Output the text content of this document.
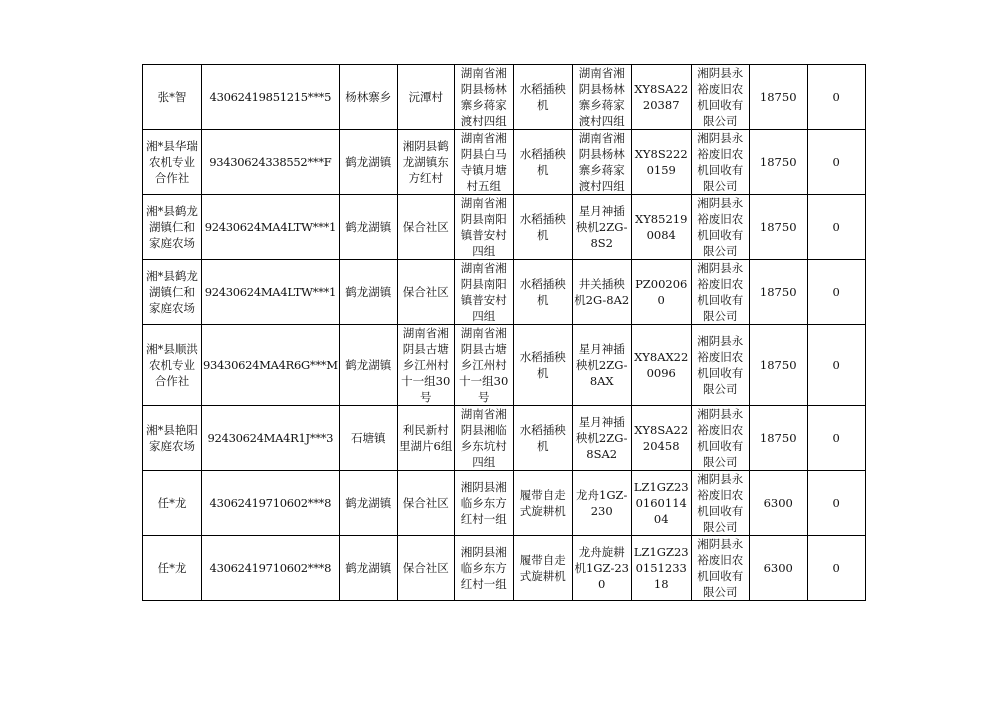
张*智	43062419851215***5	杨林寨乡	沅潭村	湖南省湘阴县杨林寨乡蒋家渡村四组	水稻插秧机	湖南省湘阴县杨林寨乡蒋家渡村四组	XY8SA2220387	湘阴县永裕废旧农机回收有限公司	18750	0
湘*县华瑞农机专业合作社	93430624338552***F	鹤龙湖镇	湘阴县鹤龙湖镇东方红村	湖南省湘阴县白马寺镇月塘村五组	水稻插秧机	湖南省湘阴县杨林寨乡蒋家渡村四组	XY8S2220159	湘阴县永裕废旧农机回收有限公司	18750	0
湘*县鹤龙湖镇仁和家庭农场	92430624MA4LTW***1	鹤龙湖镇	保合社区	湖南省湘阴县南阳镇普安村四组	水稻插秧机	星月神插秧机2ZG-8S2	XY852190084	湘阴县永裕废旧农机回收有限公司	18750	0
湘*县鹤龙湖镇仁和家庭农场	92430624MA4LTW***1	鹤龙湖镇	保合社区	湖南省湘阴县南阳镇普安村四组	水稻插秧机	井关插秧机2G-8A2	PZ002060	湘阴县永裕废旧农机回收有限公司	18750	0
湘*县顺洪农机专业合作社	93430624MA4R6G***M	鹤龙湖镇	湖南省湘阴县古塘乡江州村十一组30号	湖南省湘阴县古塘乡江州村十一组30号	水稻插秧机	星月神插秧机2ZG-8AX	XY8AX220096	湘阴县永裕废旧农机回收有限公司	18750	0
湘*县艳阳家庭农场	92430624MA4R1J***3	石塘镇	利民新村里湖片6组	湖南省湘阴县湘临乡东坑村四组	水稻插秧机	星月神插秧机2ZG-8SA2	XY8SA2220458	湘阴县永裕废旧农机回收有限公司	18750	0
任*龙	43062419710602***8	鹤龙湖镇	保合社区	湘阴县湘临乡东方红村一组	履带自走式旋耕机	龙舟1GZ-230	LZ1GZ23016011404	湘阴县永裕废旧农机回收有限公司	6300	0
任*龙	43062419710602***8	鹤龙湖镇	保合社区	湘阴县湘临乡东方红村一组	履带自走式旋耕机	龙舟旋耕机1GZ-230	LZ1GZ23015123318	湘阴县永裕废旧农机回收有限公司	6300	0
